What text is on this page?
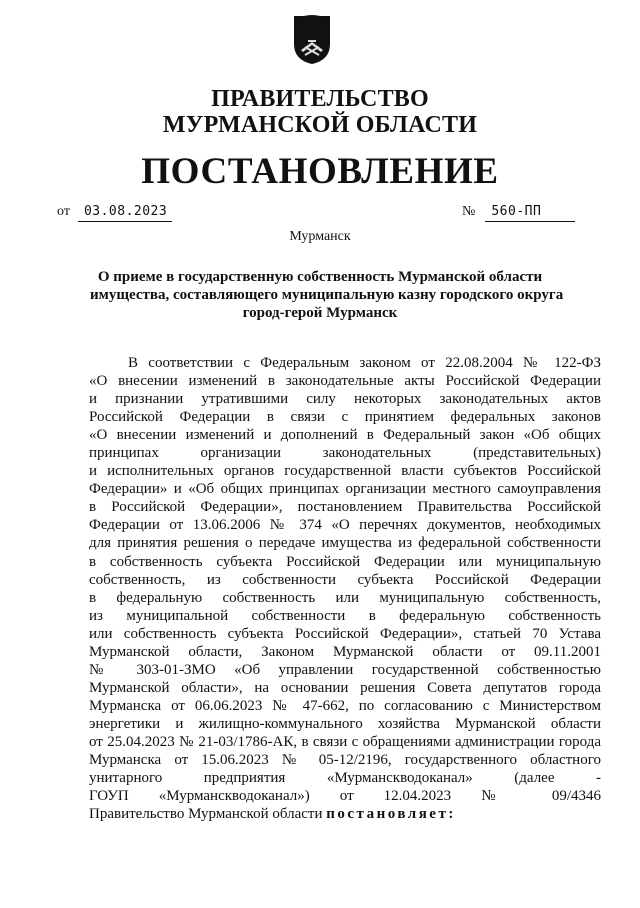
ПРАВИТЕЛЬСТВО
МУРМАНСКОЙ ОБЛАСТИ
ПОСТАНОВЛЕНИЕ
от 03.08.2023	№ 560-ПП
Мурманск
О приеме в государственную собственность Мурманской области
имущества, составляющего муниципальную казну городского округа
город-герой Мурманск
В соответствии с Федеральным законом от 22.08.2004 № 122-ФЗ
«О внесении изменений в законодательные акты Российской Федерации
и признании утратившими силу некоторых законодательных актов
Российской Федерации в связи с принятием федеральных законов
«О внесении изменений и дополнений в Федеральный закон «Об общих
принципах организации законодательных (представительных)
и исполнительных органов государственной власти субъектов Российской
Федерации» и «Об общих принципах организации местного самоуправления
в Российской Федерации», постановлением Правительства Российской
Федерации от 13.06.2006 № 374 «О перечнях документов, необходимых
для принятия решения о передаче имущества из федеральной собственности
в собственность субъекта Российской Федерации или муниципальную
собственность, из собственности субъекта Российской Федерации
в федеральную собственность или муниципальную собственность,
из муниципальной собственности в федеральную собственность
или собственность субъекта Российской Федерации», статьей 70 Устава
Мурманской области, Законом Мурманской области от 09.11.2001
№ 303-01-ЗМО «Об управлении государственной собственностью
Мурманской области», на основании решения Совета депутатов города
Мурманска от 06.06.2023 № 47-662, по согласованию с Министерством
энергетики и жилищно-коммунального хозяйства Мурманской области
от 25.04.2023 № 21-03/1786-АК, в связи с обращениями администрации города
Мурманска от 15.06.2023 № 05-12/2196, государственного областного
унитарного предприятия «Мурманскводоканал» (далее -
ГОУП «Мурманскводоканал») от 12.04.2023 № 09/4346
Правительство Мурманской области постановляет:
